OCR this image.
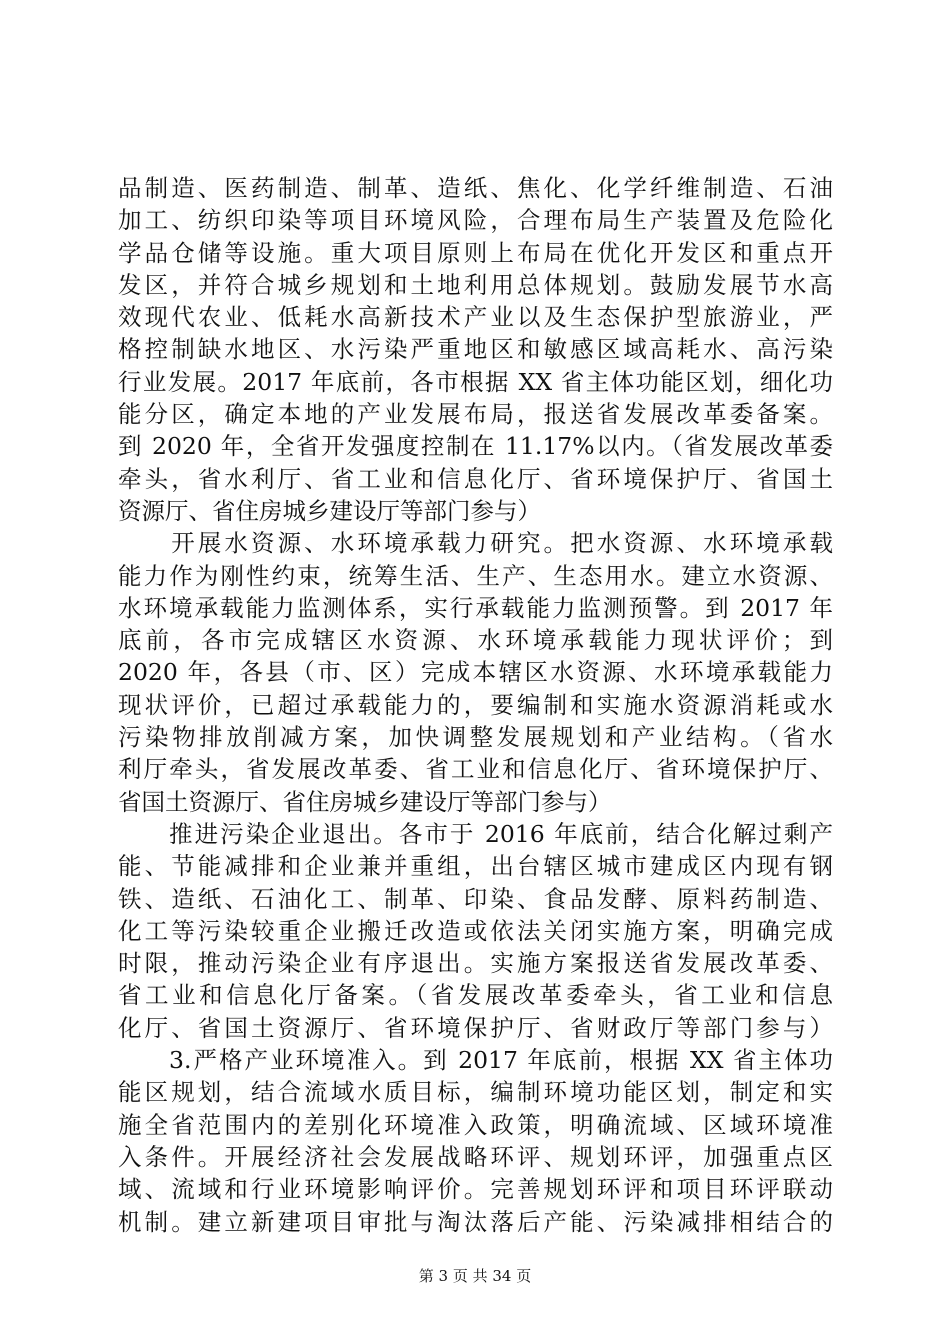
品制造、医药制造、制革、造纸、焦化、化学纤维制造、石油
加工、纺织印染等项目环境风险，合理布局生产装置及危险化
学品仓储等设施。重大项目原则上布局在优化开发区和重点开
发区，并符合城乡规划和土地利用总体规划。鼓励发展节水高
效现代农业、低耗水高新技术产业以及生态保护型旅游业，严
格控制缺水地区、水污染严重地区和敏感区域高耗水、高污染
行业发展。2017 年底前，各市根据 XX 省主体功能区划，细化功
能分区，确定本地的产业发展布局，报送省发展改革委备案。
到 2020 年，全省开发强度控制在 11.17%以内。（省发展改革委
牵头，省水利厅、省工业和信息化厅、省环境保护厅、省国土
资源厅、省住房城乡建设厅等部门参与）
　　开展水资源、水环境承载力研究。把水资源、水环境承载
能力作为刚性约束，统筹生活、生产、生态用水。建立水资源、
水环境承载能力监测体系，实行承载能力监测预警。到 2017 年
底前，各市完成辖区水资源、水环境承载能力现状评价；到
2020 年，各县（市、区）完成本辖区水资源、水环境承载能力
现状评价，已超过承载能力的，要编制和实施水资源消耗或水
污染物排放削减方案，加快调整发展规划和产业结构。（省水
利厅牵头，省发展改革委、省工业和信息化厅、省环境保护厅、
省国土资源厅、省住房城乡建设厅等部门参与）
　　推进污染企业退出。各市于 2016 年底前，结合化解过剩产
能、节能减排和企业兼并重组，出台辖区城市建成区内现有钢
铁、造纸、石油化工、制革、印染、食品发酵、原料药制造、
化工等污染较重企业搬迁改造或依法关闭实施方案，明确完成
时限，推动污染企业有序退出。实施方案报送省发展改革委、
省工业和信息化厅备案。（省发展改革委牵头，省工业和信息
化厅、省国土资源厅、省环境保护厅、省财政厅等部门参与）
　　3.严格产业环境准入。到 2017 年底前，根据 XX 省主体功
能区规划，结合流域水质目标，编制环境功能区划，制定和实
施全省范围内的差别化环境准入政策，明确流域、区域环境准
入条件。开展经济社会发展战略环评、规划环评，加强重点区
域、流域和行业环境影响评价。完善规划环评和项目环评联动
机制。建立新建项目审批与淘汰落后产能、污染减排相结合的
第 3 页 共 34 页
